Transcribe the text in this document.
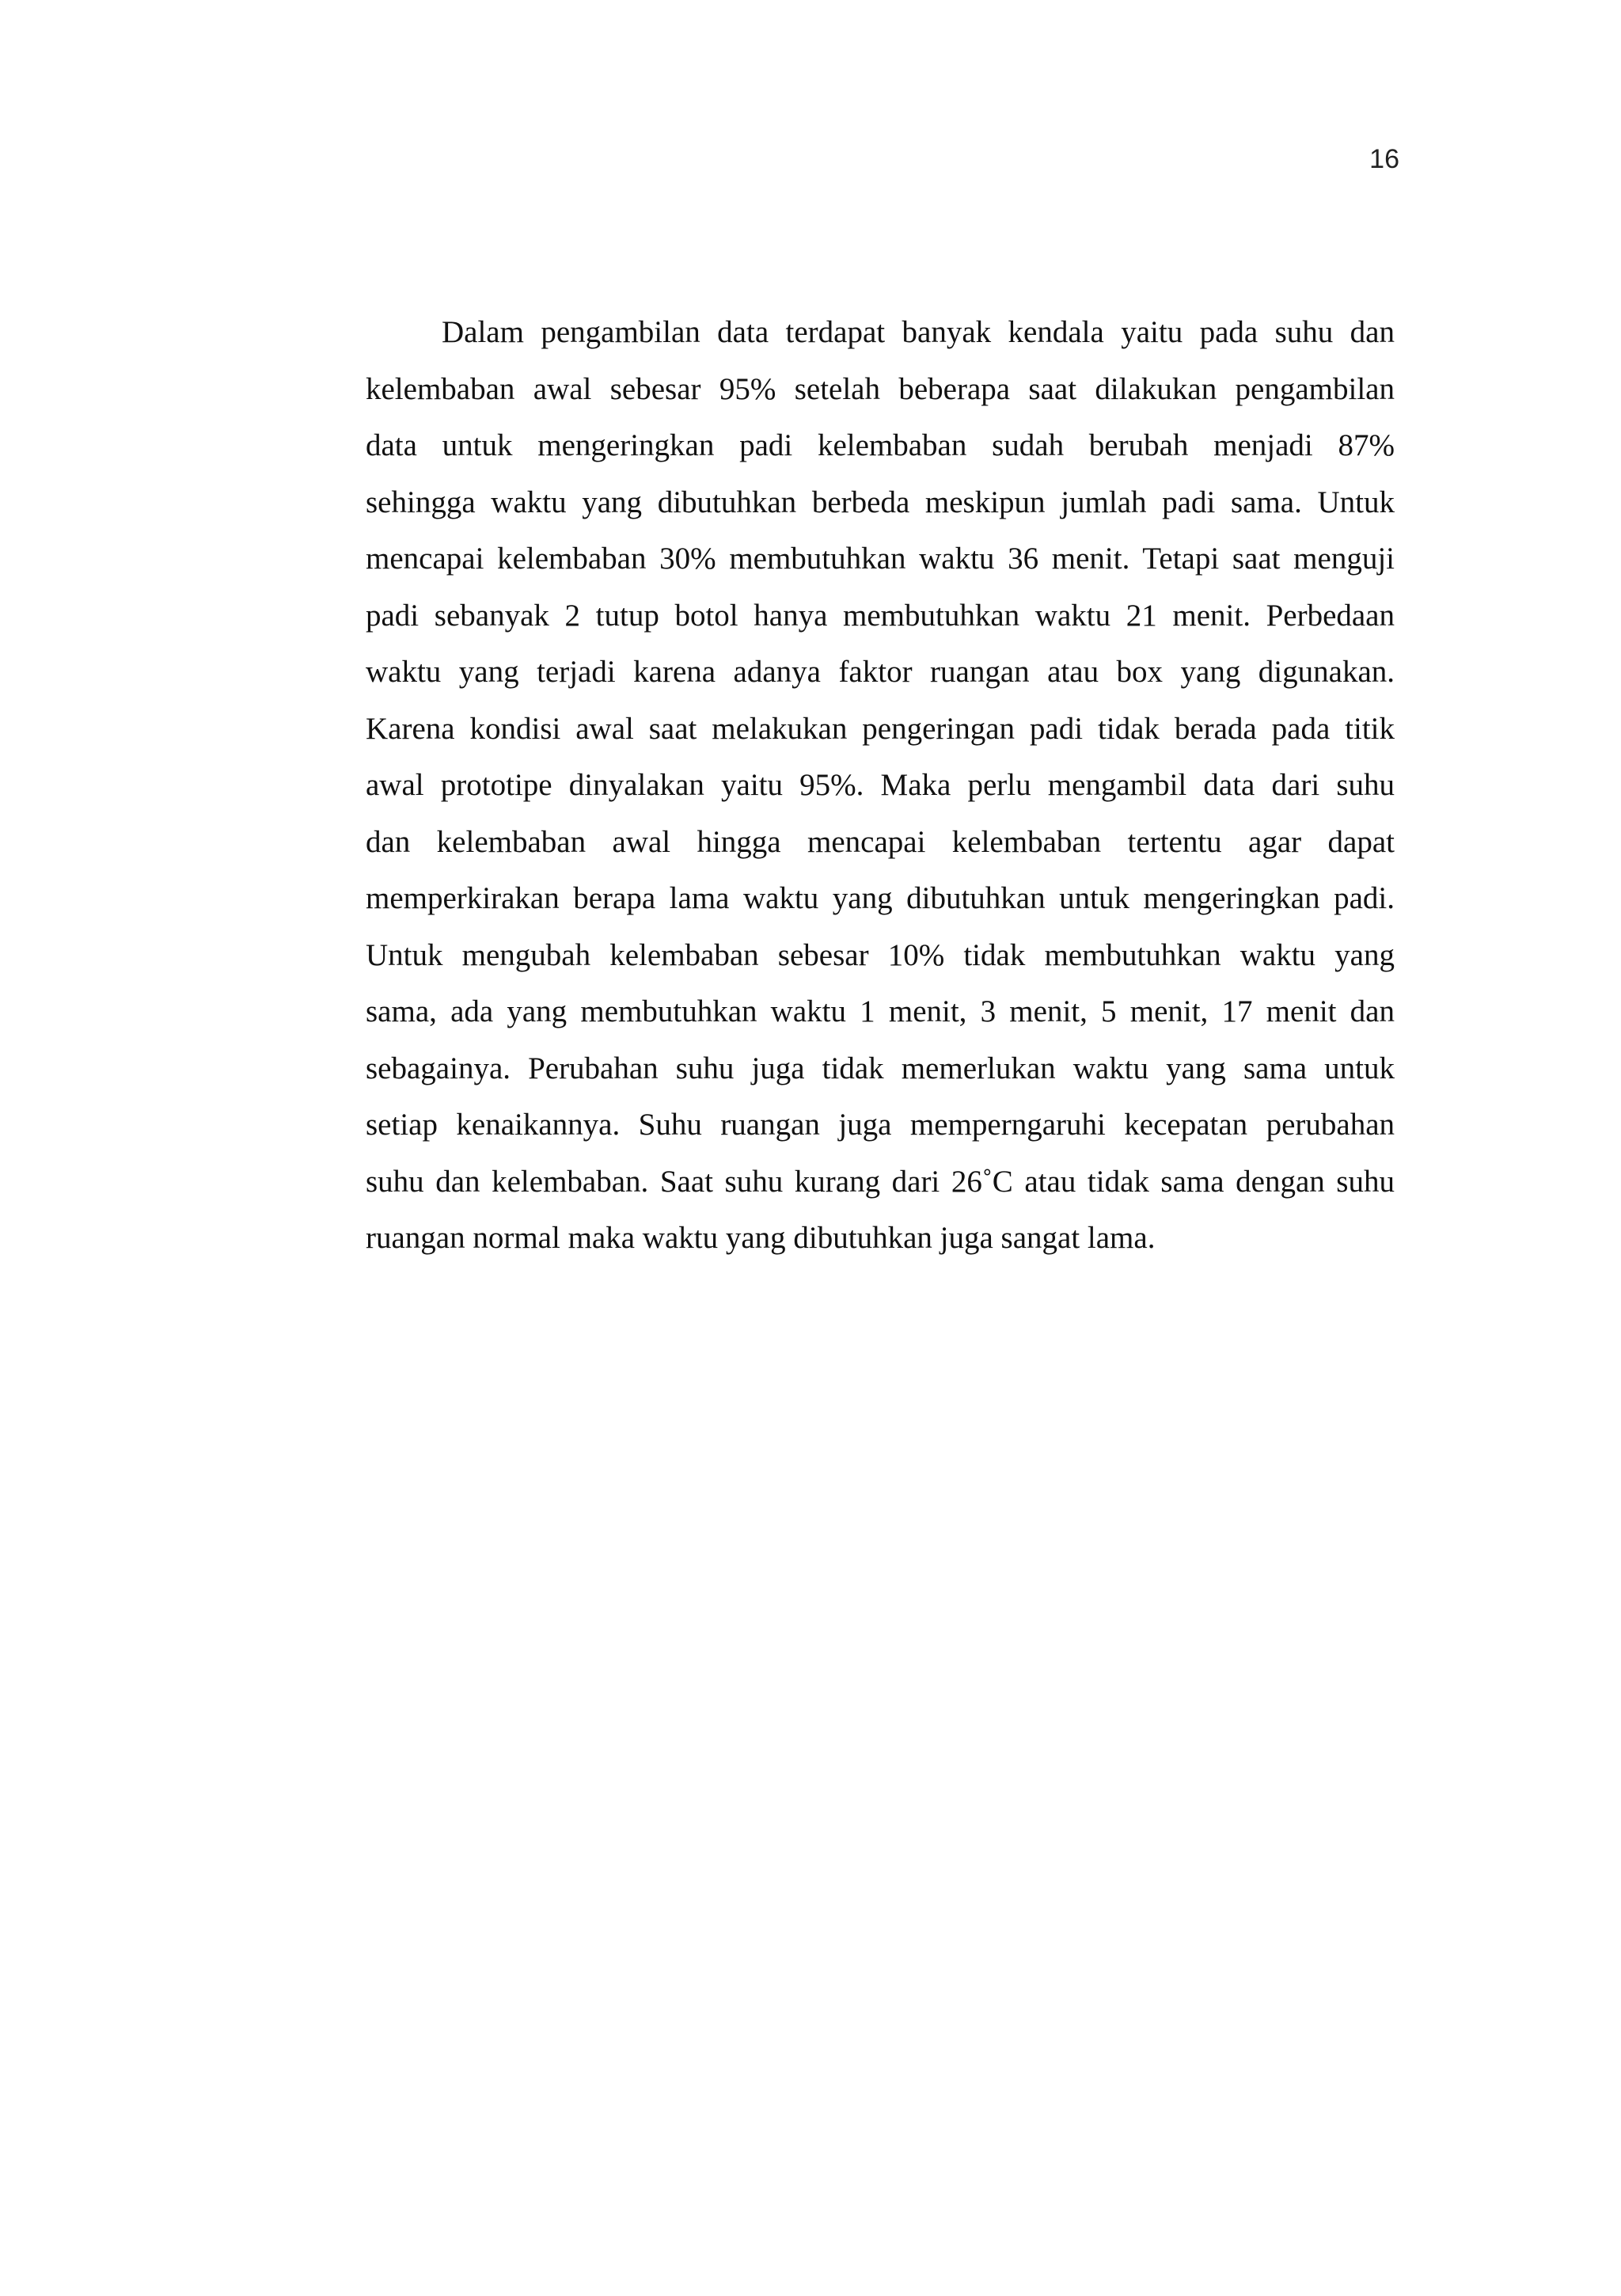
16
Dalam pengambilan data terdapat banyak kendala yaitu pada suhu dan
kelembaban awal sebesar 95% setelah beberapa saat dilakukan pengambilan
data untuk mengeringkan padi kelembaban sudah berubah menjadi 87%
sehingga waktu yang dibutuhkan berbeda meskipun jumlah padi sama. Untuk
mencapai kelembaban 30% membutuhkan waktu 36 menit. Tetapi saat menguji
padi sebanyak 2 tutup botol hanya membutuhkan waktu 21 menit. Perbedaan
waktu yang terjadi karena adanya faktor ruangan atau box yang digunakan.
Karena kondisi awal saat melakukan pengeringan padi tidak berada pada titik
awal prototipe dinyalakan yaitu 95%. Maka perlu mengambil data dari suhu
dan kelembaban awal hingga mencapai kelembaban tertentu agar dapat
memperkirakan berapa lama waktu yang dibutuhkan untuk mengeringkan padi.
Untuk mengubah kelembaban sebesar 10% tidak membutuhkan waktu yang
sama, ada yang membutuhkan waktu 1 menit, 3 menit, 5 menit, 17 menit dan
sebagainya. Perubahan suhu juga tidak memerlukan waktu yang sama untuk
setiap kenaikannya. Suhu ruangan juga memperngaruhi kecepatan perubahan
suhu dan kelembaban. Saat suhu kurang dari 26˚C atau tidak sama dengan suhu
ruangan normal maka waktu yang dibutuhkan juga sangat lama.
